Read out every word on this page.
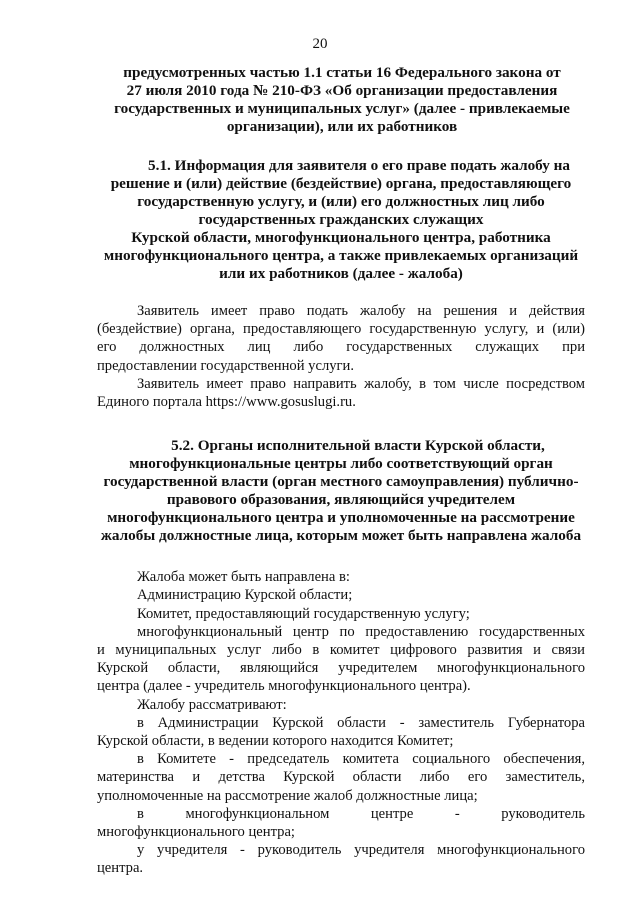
20
предусмотренных частью 1.1 статьи 16 Федерального закона от
27 июля 2010 года № 210-ФЗ «Об организации предоставления
государственных и муниципальных услуг» (далее - привлекаемые
организации), или их работников
5.1. Информация для заявителя о его праве подать жалобу на
решение и (или) действие (бездействие) органа, предоставляющего
государственную услугу, и (или) его должностных лиц либо
государственных гражданских служащих
Курской области, многофункционального центра, работника
многофункционального центра, а также привлекаемых организаций
или их работников (далее - жалоба)
Заявитель имеет право подать жалобу на решения и действия
(бездействие) органа, предоставляющего государственную услугу, и (или)
его должностных лиц либо государственных служащих при
предоставлении государственной услуги.
Заявитель имеет право направить жалобу, в том числе посредством
Единого портала https://www.gosuslugi.ru.
5.2. Органы исполнительной власти Курской области,
многофункциональные центры либо соответствующий орган
государственной власти (орган местного самоуправления) публично-
правового образования, являющийся учредителем
многофункционального центра и уполномоченные на рассмотрение
жалобы должностные лица, которым может быть направлена жалоба
Жалоба может быть направлена в:
Администрацию Курской области;
Комитет, предоставляющий государственную услугу;
многофункциональный центр по предоставлению государственных
и муниципальных услуг либо в комитет цифрового развития и связи
Курской области, являющийся учредителем многофункционального
центра (далее - учредитель многофункционального центра).
Жалобу рассматривают:
в Администрации Курской области - заместитель Губернатора
Курской области, в ведении которого находится Комитет;
в Комитете - председатель комитета социального обеспечения,
материнства и детства Курской области либо его заместитель,
уполномоченные на рассмотрение жалоб должностные лица;
в многофункциональном центре - руководитель
многофункционального центра;
у учредителя - руководитель учредителя многофункционального
центра.
